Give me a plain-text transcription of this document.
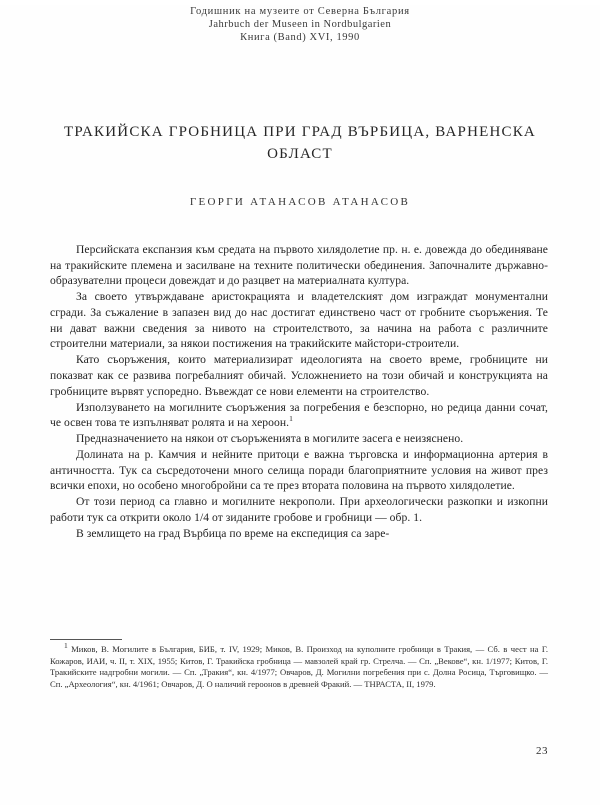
Годишник на музеите от Северна България
Jahrbuch der Museen in Nordbulgarien
Книга (Band) XVI, 1990
ТРАКИЙСКА ГРОБНИЦА ПРИ ГРАД ВЪРБИЦА, ВАРНЕНСКА ОБЛАСТ
ГЕОРГИ АТАНАСОВ АТАНАСОВ

Персийската експанзия към средата на първото хилядолетие пр. н. е. довежда до обединяване на тракийските племена и засилване на техните политически обединения. Започналите държавно-образувателни процеси довеждат и до разцвет на материалната култура.

За своето утвърждаване аристокрацията и владетелският дом изграждат монументални сгради. За съжаление в запазен вид до нас достигат единствено част от гробните съоръжения. Те ни дават важни сведения за нивото на строителството, за начина на работа с различните строителни материали, за някои постижения на тракийските майстори-строители.

Като съоръжения, които материализират идеологията на своето време, гробниците ни показват как се развива погребалният обичай. Усложнението на този обичай и конструкцията на гробниците вървят успоредно. Въвеждат се нови елементи на строителство.

Използуването на могилните съоръжения за погребения е безспорно, но редица данни сочат, че освен това те изпълняват ролята и на хероон.$^1$

Предназначението на някои от съоръженията в могилите засега е неизяснено.

Долината на р. Камчия и нейните притоци е важна търговска и информационна артерия в античността. Тук са съсредоточени много селища поради благоприятните условия на живот през всички епохи, но особено многобройни са те през втората половина на първото хилядолетие.

От този период са главно и могилните некрополи. При археологически разкопки и изкопни работи тук са открити около 1/4 от зиданите гробове и гробници — обр. 1.

В землището на град Върбица по време на експедиция са заре-

$^1$ Миков, В. Могилите в България, БИБ, т. IV, 1929; Миков, В. Произход на куполните гробници в Тракия, — Сб. в чест на Г. Кожаров, ИАИ, ч. II, т. XIX, 1955; Китов, Г. Тракийска гробница — мавзолей край гр. Стрелча. — Сп. „Векове“, кн. 1/1977; Китов, Г. Тракийските надгробни могили. — Сп. „Тракия“, кн. 4/1977; Овчаров, Д. Могилни погребения при с. Долна Росица, Търговищко. — Сп. „Археология“, кн. 4/1961; Овчаров, Д. О наличий героонов в древней Фракий. — ТНРАСТА, II, 1979.
23
